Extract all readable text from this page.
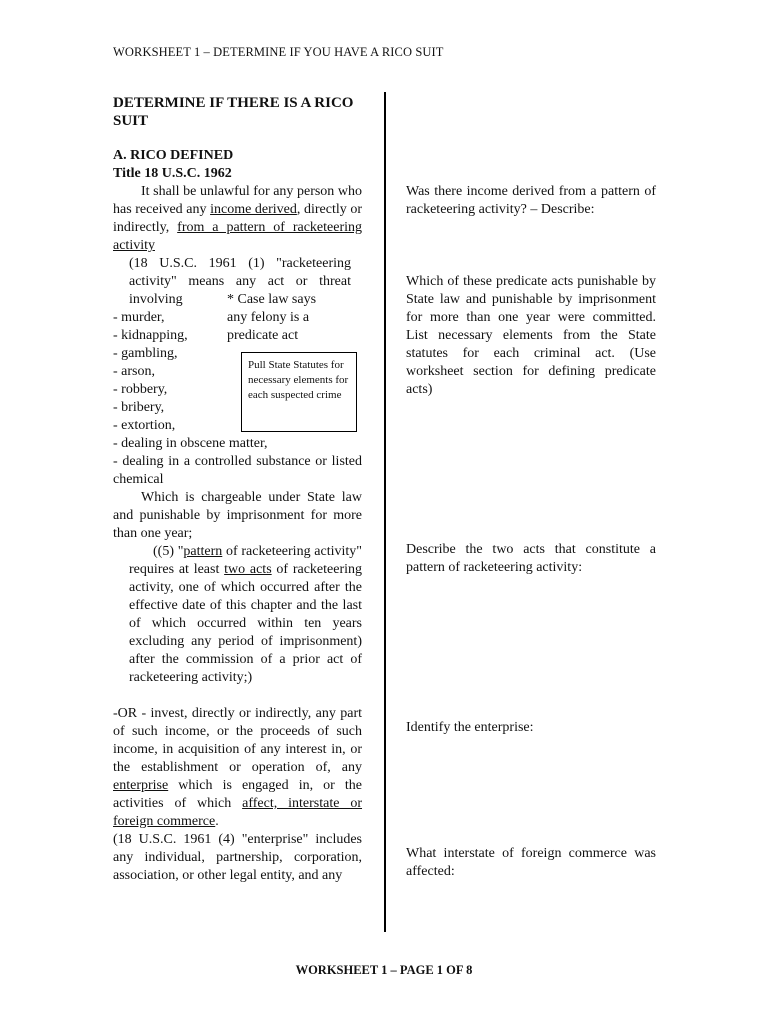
WORKSHEET 1 – DETERMINE IF YOU HAVE A RICO SUIT

DETERMINE IF THERE IS A RICO SUIT

A. RICO DEFINED
Title 18 U.S.C. 1962

It shall be unlawful for any person who has received any income derived, directly or indirectly, from a pattern of racketeering activity

(18 U.S.C. 1961 (1) "racketeering activity" means any act or threat involving	* Case law says any felony is a predicate act

- murder,
- kidnapping,
- gambling,
- arson,
- robbery,
- bribery,
- extortion,
- dealing in obscene matter,
- dealing in a controlled substance or listed chemical

Which is chargeable under State law and punishable by imprisonment for more than one year;

((5) "pattern of racketeering activity" requires at least two acts of racketeering activity, one of which occurred after the effective date of this chapter and the last of which occurred within ten years excluding any period of imprisonment) after the commission of a prior act of racketeering activity;)

-OR - invest, directly or indirectly, any part of such income, or the proceeds of such income, in acquisition of any interest in, or the establishment or operation of, any enterprise which is engaged in, or the activities of which affect, interstate or foreign commerce.

(18 U.S.C. 1961 (4) "enterprise" includes any individual, partnership, corporation, association, or other legal entity, and any

Pull State Statutes for necessary elements for each suspected crime
Was there income derived from a pattern of racketeering activity? – Describe:
Which of these predicate acts punishable by State law and punishable by imprisonment for more than one year were committed. List necessary elements from the State statutes for each criminal act. (Use worksheet section for defining predicate acts)
Describe the two acts that constitute a pattern of racketeering activity:
Identify the enterprise:
What interstate of foreign commerce was affected:
WORKSHEET 1 – PAGE 1 OF 8
